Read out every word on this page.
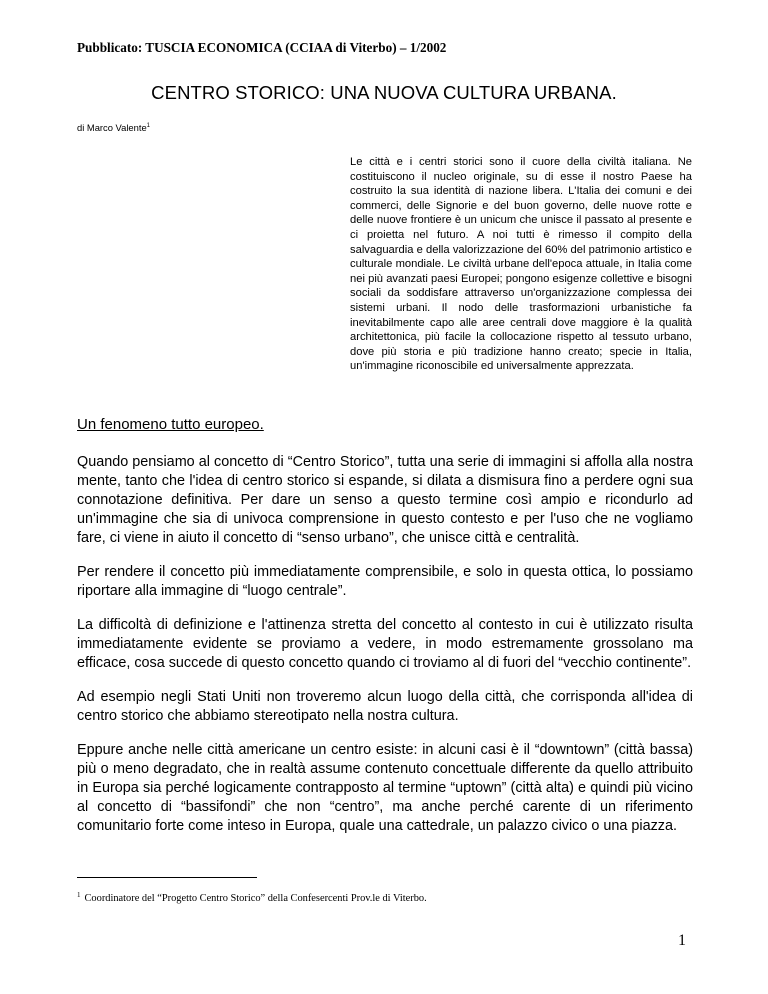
Pubblicato: TUSCIA ECONOMICA (CCIAA di Viterbo) – 1/2002
CENTRO STORICO: UNA NUOVA CULTURA URBANA.
di Marco Valente$^1$

Le città e i centri storici sono il cuore della civiltà italiana. Ne costituiscono il nucleo originale, su di esse il nostro Paese ha costruito la sua identità di nazione libera. L'Italia dei comuni e dei commerci, delle Signorie e del buon governo, delle nuove rotte e delle nuove frontiere è un unicum che unisce il passato al presente e ci proietta nel futuro. A noi tutti è rimesso il compito della salvaguardia e della valorizzazione del 60% del patrimonio artistico e culturale mondiale. Le civiltà urbane dell'epoca attuale, in Italia come nei più avanzati paesi Europei; pongono esigenze collettive e bisogni sociali da soddisfare attraverso un'organizzazione complessa dei sistemi urbani. Il nodo delle trasformazioni urbanistiche fa inevitabilmente capo alle aree centrali dove maggiore è la qualità architettonica, più facile la collocazione rispetto al tessuto urbano, dove più storia e più tradizione hanno creato; specie in Italia, un'immagine riconoscibile ed universalmente apprezzata.

Un fenomeno tutto europeo.

Quando pensiamo al concetto di “Centro Storico”, tutta una serie di immagini si affolla alla nostra mente, tanto che l'idea di centro storico si espande, si dilata a dismisura fino a perdere ogni sua connotazione definitiva. Per dare un senso a questo termine così ampio e ricondurlo ad un'immagine che sia di univoca comprensione in questo contesto e per l'uso che ne vogliamo fare, ci viene in aiuto il concetto di “senso urbano”, che unisce città e centralità.

Per rendere il concetto più immediatamente comprensibile, e solo in questa ottica, lo possiamo riportare alla immagine di “luogo centrale”.

La difficoltà di definizione e l'attinenza stretta del concetto al contesto in cui è utilizzato risulta immediatamente evidente se proviamo a vedere, in modo estremamente grossolano ma efficace, cosa succede di questo concetto quando ci troviamo al di fuori del “vecchio continente”.

Ad esempio negli Stati Uniti non troveremo alcun luogo della città, che corrisponda all'idea di centro storico che abbiamo stereotipato nella nostra cultura.

Eppure anche nelle città americane un centro esiste: in alcuni casi è il “downtown” (città bassa) più o meno degradato, che in realtà assume contenuto concettuale differente da quello attribuito in Europa sia perché logicamente contrapposto al termine “uptown” (città alta) e quindi più vicino al concetto di “bassifondi” che non “centro”, ma anche perché carente di un riferimento comunitario forte come inteso in Europa, quale una cattedrale, un palazzo civico o una piazza.

$^1$ Coordinatore del “Progetto Centro Storico” della Confesercenti Prov.le di Viterbo.
1
